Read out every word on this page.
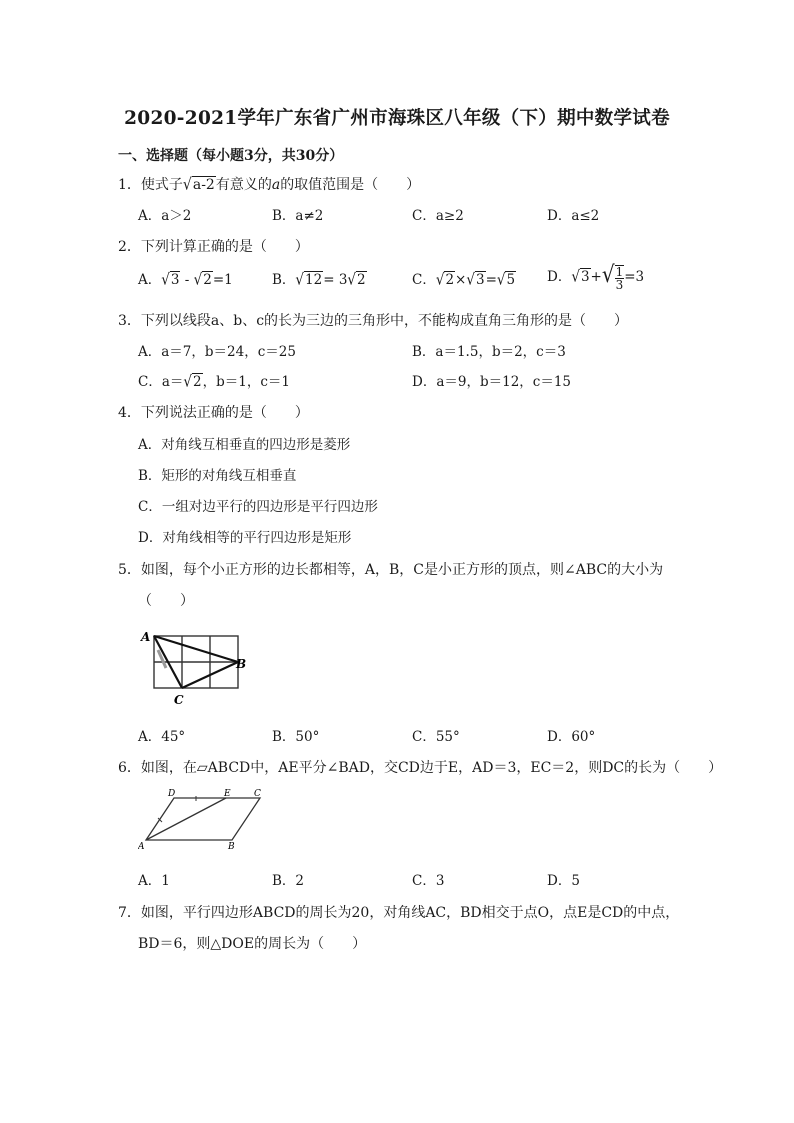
2020-2021学年广东省广州市海珠区八年级（下）期中数学试卷
一、选择题（每小题3分，共30分）
1．使式子√a-2有意义的a的取值范围是（　　）
A．a＞2	B．a≠2	C．a≥2	D．a≤2
2．下列计算正确的是（　　）
A．√3 - √2=1	B．√12= 3√2	C．√2×√3=√5 D．$√3+√ \frac{1}{3} =3$
3．下列以线段a、b、c的长为三边的三角形中，不能构成直角三角形的是（　　）
A．a＝7，b＝24，c＝25	B．a＝1.5，b＝2，c＝3
C．a＝√2，b＝1，c＝1	D．a＝9，b＝12，c＝15
4．下列说法正确的是（　　）
A．对角线互相垂直的四边形是菱形
B．矩形的对角线互相垂直
C．一组对边平行的四边形是平行四边形
D．对角线相等的平行四边形是矩形
5．如图，每个小正方形的边长都相等，A，B，C是小正方形的顶点，则∠ABC的大小为
（　　）
A
B
C
A．45°	B．50°	C．55°	D．60°
6．如图，在▱ABCD中，AE平分∠BAD，交CD边于E，AD＝3，EC＝2，则DC的长为（　　）
D	E	C
A	B
A．1	B．2	C．3	D．5
7．如图，平行四边形ABCD的周长为20，对角线AC，BD相交于点O，点E是CD的中点，
BD＝6，则△DOE的周长为（　　）
